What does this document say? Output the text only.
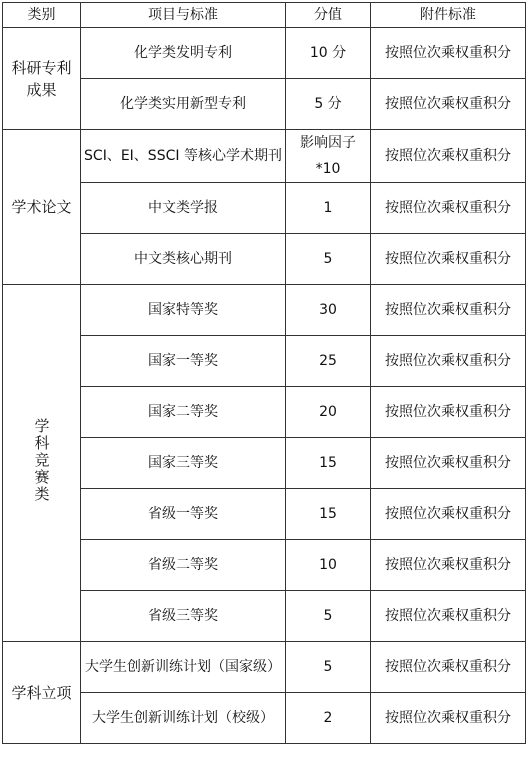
类别	项目与标准	分值	附件标准
科研专利成果	化学类发明专利	10 分	按照位次乘权重积分
	化学类实用新型专利	5 分	按照位次乘权重积分
学术论文	SCI、EI、SSCI 等核心学术期刊	影响因子*10	按照位次乘权重积分
	中文类学报	1	按照位次乘权重积分
	中文类核心期刊	5	按照位次乘权重积分
学科竞赛类	国家特等奖	30	按照位次乘权重积分
	国家一等奖	25	按照位次乘权重积分
	国家二等奖	20	按照位次乘权重积分
	国家三等奖	15	按照位次乘权重积分
	省级一等奖	15	按照位次乘权重积分
	省级二等奖	10	按照位次乘权重积分
	省级三等奖	5	按照位次乘权重积分
学科立项	大学生创新训练计划（国家级）	5	按照位次乘权重积分
	大学生创新训练计划（校级）	2	按照位次乘权重积分
